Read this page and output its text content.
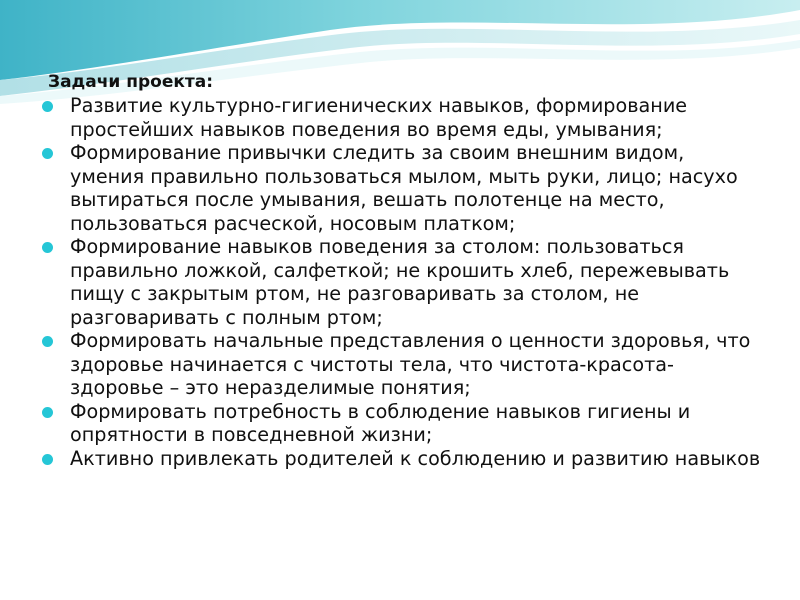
Задачи проекта:
Развитие культурно-гигиенических навыков, формирование простейших навыков поведения во время еды, умывания;
Формирование привычки следить за своим внешним видом, умения правильно пользоваться мылом, мыть руки, лицо; насухо вытираться после умывания, вешать полотенце на место, пользоваться расческой, носовым платком;
Формирование навыков поведения за столом: пользоваться правильно ложкой, салфеткой; не крошить хлеб, пережевывать пищу с закрытым ртом, не разговаривать за столом, не разговаривать с полным ртом;
Формировать начальные представления о ценности здоровья, что здоровье начинается с чистоты тела, что чистота-красота-здоровье – это неразделимые понятия;
Формировать потребность в соблюдение навыков гигиены и опрятности в повседневной жизни;
Активно привлекать родителей к соблюдению и развитию навыков
